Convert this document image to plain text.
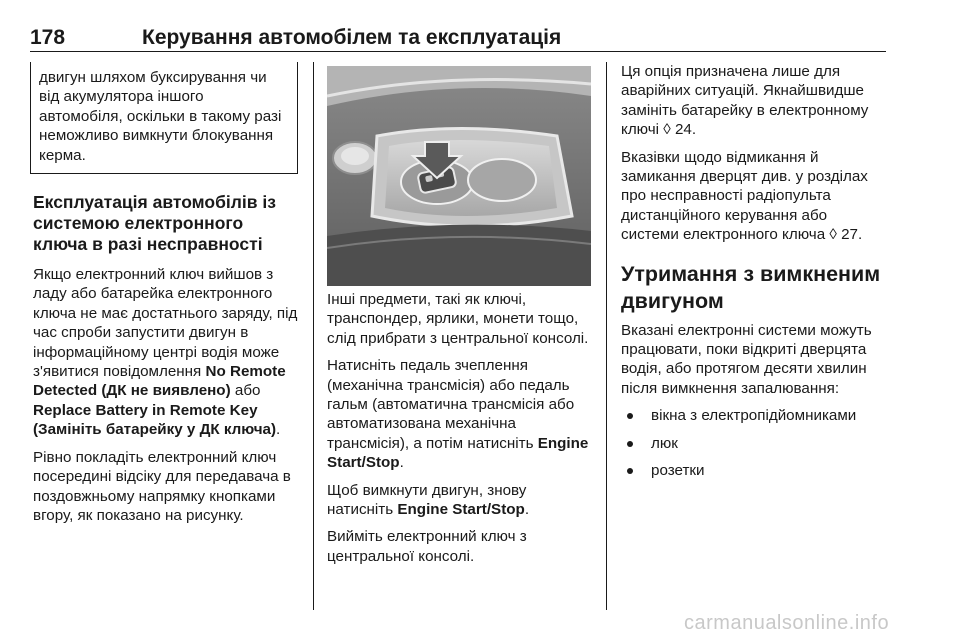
178	Керування автомобілем та експлуатація
двигун шляхом буксирування чи від акумулятора іншого автомобіля, оскільки в такому разі неможливо вимкнути блокування керма.
Експлуатація автомобілів із системою електронного ключа в разі несправності

Якщо електронний ключ вийшов з ладу або батарейка електронного ключа не має достатнього заряду, під час спроби запустити двигун в інформаційному центрі водія може з'явитися повідомлення No Remote Detected (ДК не виявлено) або Replace Battery in Remote Key (Замініть батарейку у ДК ключа).

Рівно покладіть електронний ключ посередині відсіку для передавача в поздовжньому напрямку кнопками вгору, як показано на рисунку.

Інші предмети, такі як ключі, транспондер, ярлики, монети тощо, слід прибрати з центральної консолі.

Натисніть педаль зчеплення (механічна трансмісія) або педаль гальм (автоматична трансмісія або автоматизована механічна трансмісія), а потім натисніть Engine Start/Stop.

Щоб вимкнути двигун, знову натисніть Engine Start/Stop.

Вийміть електронний ключ з центральної консолі.

Ця опція призначена лише для аварійних ситуацій. Якнайшвидше замініть батарейку в електронному ключі ◊ 24.

Вказівки щодо відмикання й замикання дверцят див. у розділах про несправності радіопульта дистанційного керування або системи електронного ключа ◊ 27.

Утримання з вимкненим двигуном

Вказані електронні системи можуть працювати, поки відкриті дверцята водія, або протягом десяти хвилин після вимкнення запалювання:

вікна з електропідйомниками
люк
розетки
carmanualsonline.info
